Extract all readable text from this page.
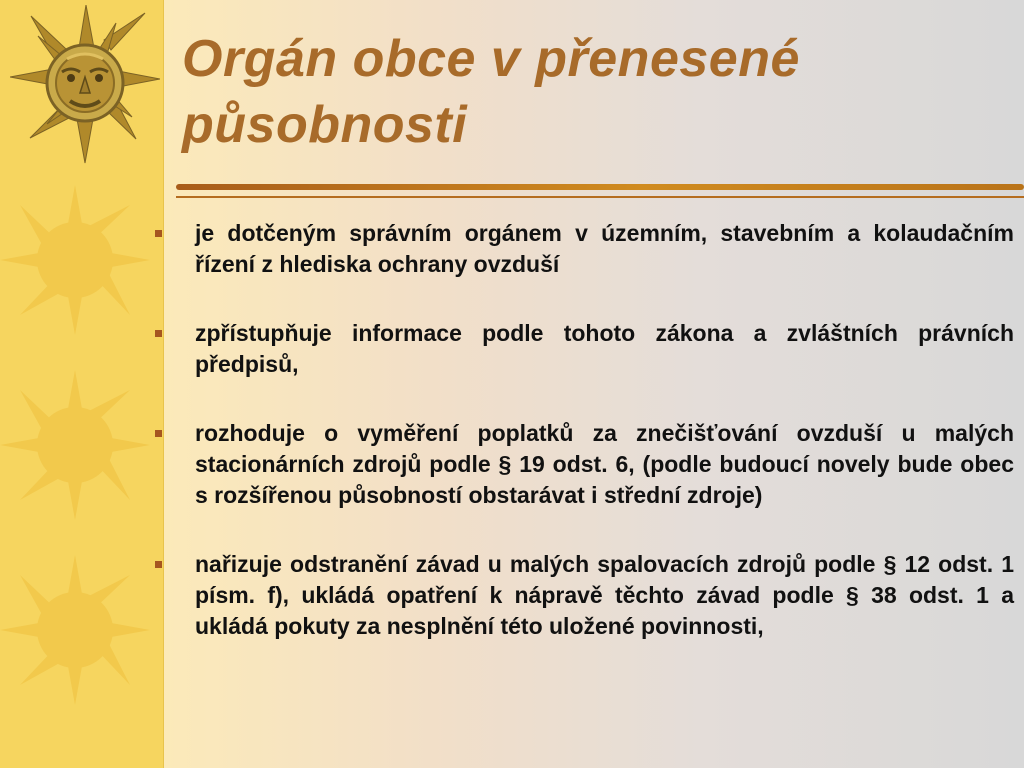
Orgán obce v přenesené
působnosti

je dotčeným správním orgánem v územním, stavebním a kolaudačním řízení z hlediska ochrany ovzduší

zpřístupňuje informace podle tohoto zákona a zvláštních právních předpisů,

rozhoduje o vyměření poplatků za znečišťování ovzduší u malých stacionárních zdrojů podle § 19 odst. 6, (podle budoucí novely bude obec s rozšířenou působností obstarávat i střední zdroje)

nařizuje odstranění závad u malých spalovacích zdrojů podle § 12 odst. 1 písm. f), ukládá opatření k nápravě těchto závad podle § 38 odst. 1 a ukládá pokuty za nesplnění této uložené povinnosti,
